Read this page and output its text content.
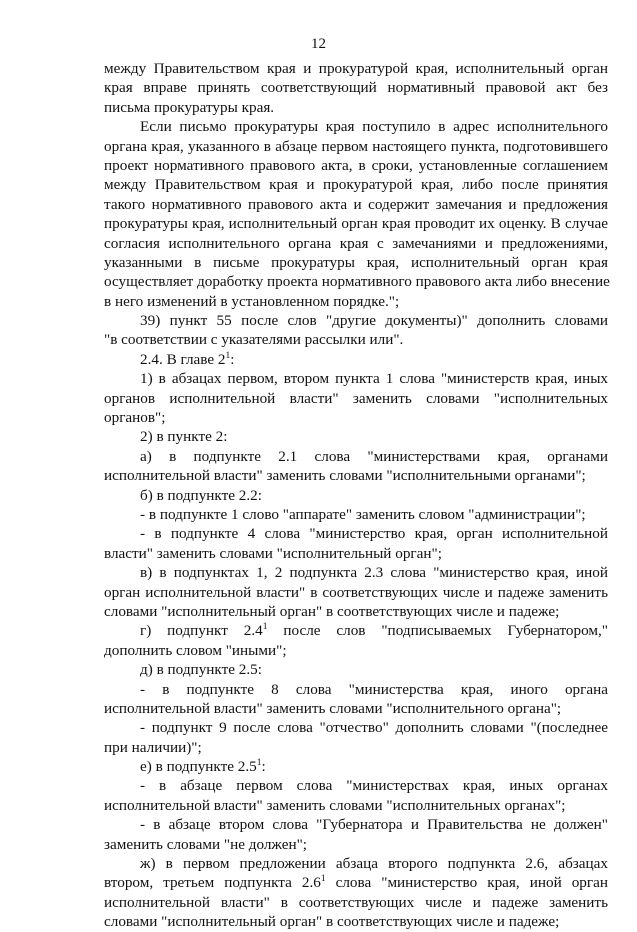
12
между Правительством края и прокуратурой края, исполнительный орган
края вправе принять соответствующий нормативный правовой акт без
письма прокуратуры края.
Если письмо прокуратуры края поступило в адрес исполнительного
органа края, указанного в абзаце первом настоящего пункта, подготовившего
проект нормативного правового акта, в сроки, установленные соглашением
между Правительством края и прокуратурой края, либо после принятия
такого нормативного правового акта и содержит замечания и предложения
прокуратуры края, исполнительный орган края проводит их оценку. В случае
согласия исполнительного органа края с замечаниями и предложениями,
указанными в письме прокуратуры края, исполнительный орган края
осуществляет доработку проекта нормативного правового акта либо внесение
в него изменений в установленном порядке.";
39) пункт 55 после слов "другие документы)" дополнить словами
"в соответствии с указателями рассылки или".
2.4. В главе $2^1$:
1) в абзацах первом, втором пункта 1 слова "министерств края, иных
органов исполнительной власти" заменить словами "исполнительных
органов";
2) в пункте 2:
а) в подпункте 2.1 слова "министерствами края, органами
исполнительной власти" заменить словами "исполнительными органами";
б) в подпункте 2.2:
- в подпункте 1 слово "аппарате" заменить словом "администрации";
- в подпункте 4 слова "министерство края, орган исполнительной
власти" заменить словами "исполнительный орган";
в) в подпунктах 1, 2 подпункта 2.3 слова "министерство края, иной
орган исполнительной власти" в соответствующих числе и падеже заменить
словами "исполнительный орган" в соответствующих числе и падеже;
г) подпункт $2.4^1$ после слов "подписываемых Губернатором,"
дополнить словом "иными";
д) в подпункте 2.5:
- в подпункте 8 слова "министерства края, иного органа
исполнительной власти" заменить словами "исполнительного органа";
- подпункт 9 после слова "отчество" дополнить словами "(последнее
при наличии)";
е) в подпункте $2.5^1$:
- в абзаце первом слова "министерствах края, иных органах
исполнительной власти" заменить словами "исполнительных органах";
- в абзаце втором слова "Губернатора и Правительства не должен"
заменить словами "не должен";
ж) в первом предложении абзаца второго подпункта 2.6, абзацах
втором, третьем подпункта $2.6^1$ слова "министерство края, иной орган
исполнительной власти" в соответствующих числе и падеже заменить
словами "исполнительный орган" в соответствующих числе и падеже;
